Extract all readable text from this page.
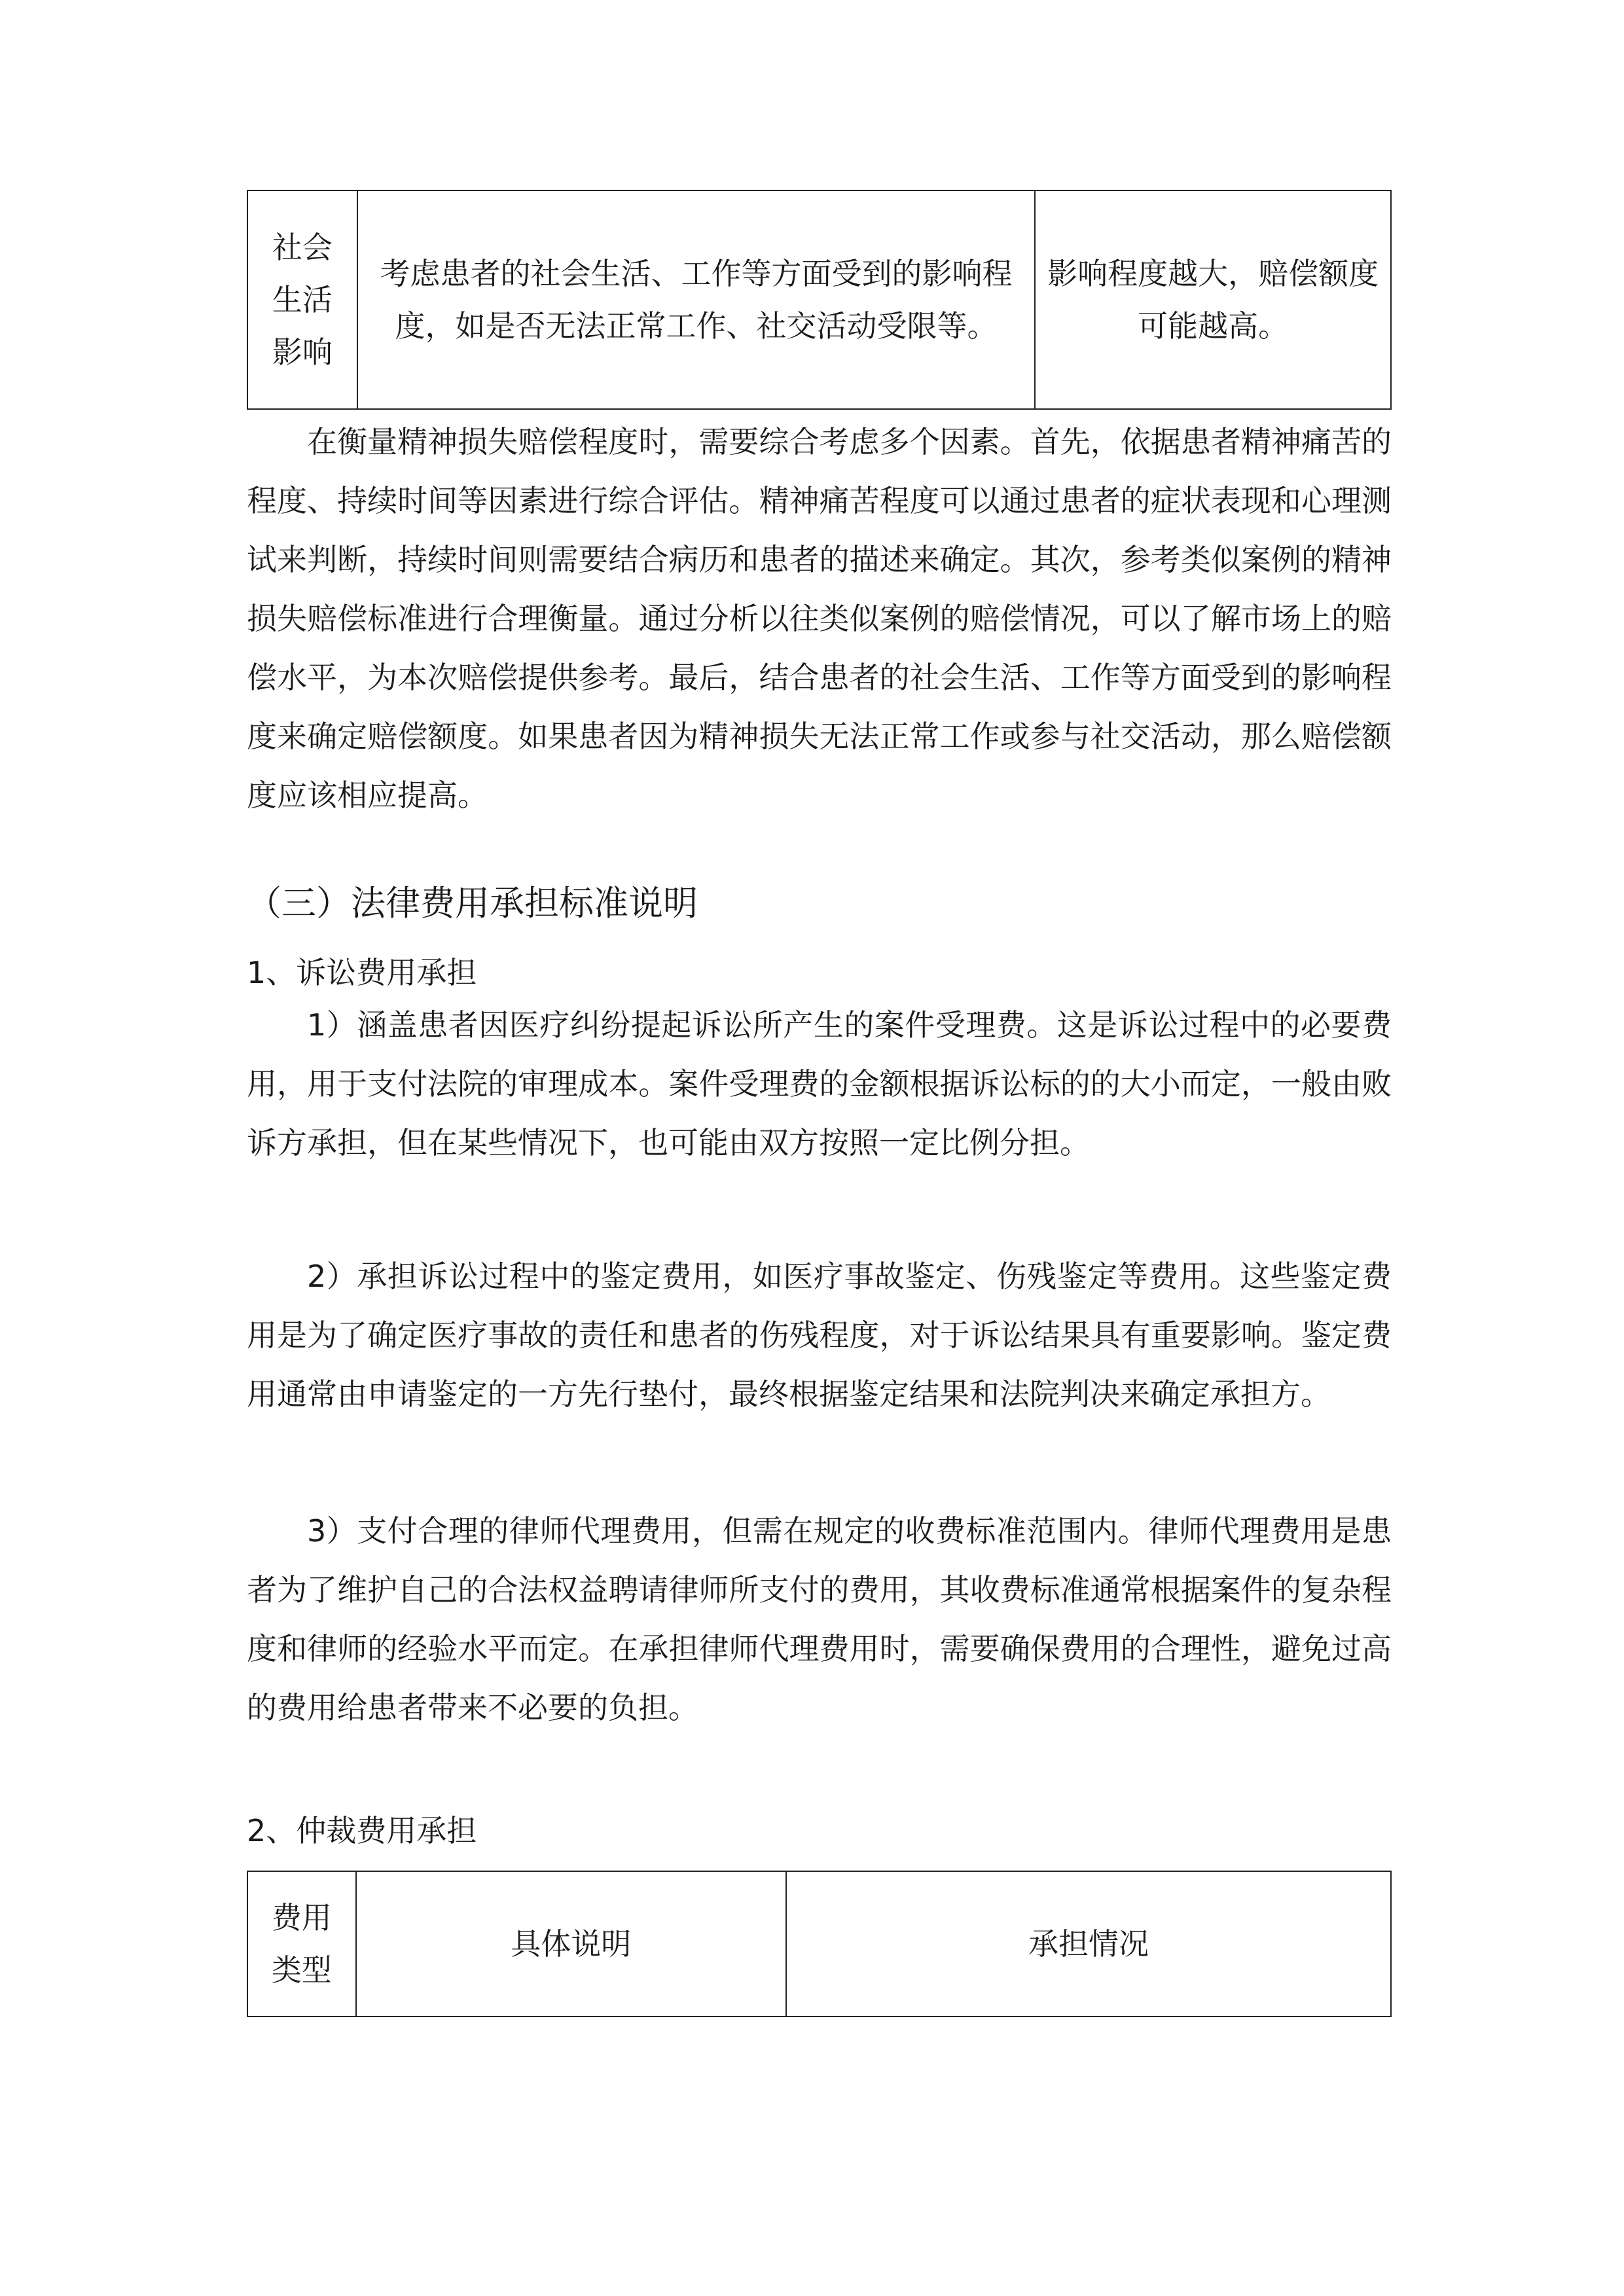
社会生活影响	考虑患者的社会生活、工作等方面受到的影响程度，如是否无法正常工作、社交活动受限等。	影响程度越大，赔偿额度可能越高。

在衡量精神损失赔偿程度时，需要综合考虑多个因素。首先，依据患者精神痛苦的程度、持续时间等因素进行综合评估。精神痛苦程度可以通过患者的症状表现和心理测试来判断，持续时间则需要结合病历和患者的描述来确定。其次，参考类似案例的精神损失赔偿标准进行合理衡量。通过分析以往类似案例的赔偿情况，可以了解市场上的赔偿水平，为本次赔偿提供参考。最后，结合患者的社会生活、工作等方面受到的影响程度来确定赔偿额度。如果患者因为精神损失无法正常工作或参与社交活动，那么赔偿额度应该相应提高。

（三）法律费用承担标准说明
1、诉讼费用承担

1）涵盖患者因医疗纠纷提起诉讼所产生的案件受理费。这是诉讼过程中的必要费用，用于支付法院的审理成本。案件受理费的金额根据诉讼标的的大小而定，一般由败诉方承担，但在某些情况下，也可能由双方按照一定比例分担。

2）承担诉讼过程中的鉴定费用，如医疗事故鉴定、伤残鉴定等费用。这些鉴定费用是为了确定医疗事故的责任和患者的伤残程度，对于诉讼结果具有重要影响。鉴定费用通常由申请鉴定的一方先行垫付，最终根据鉴定结果和法院判决来确定承担方。

3）支付合理的律师代理费用，但需在规定的收费标准范围内。律师代理费用是患者为了维护自己的合法权益聘请律师所支付的费用，其收费标准通常根据案件的复杂程度和律师的经验水平而定。在承担律师代理费用时，需要确保费用的合理性，避免过高的费用给患者带来不必要的负担。

2、仲裁费用承担
费用类型	具体说明	承担情况
